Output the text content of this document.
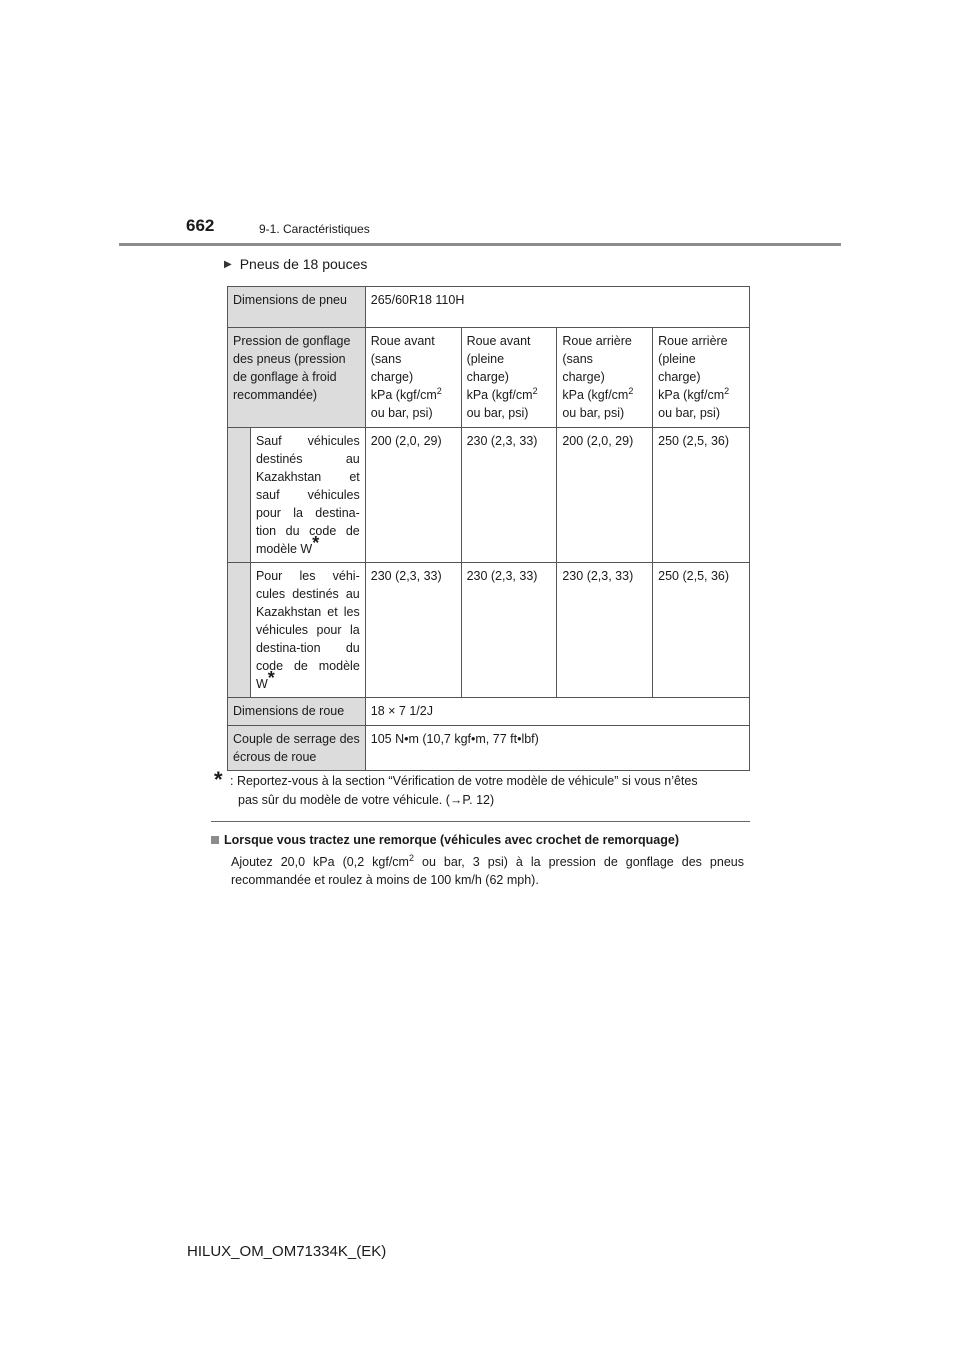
662	9-1. Caractéristiques
▶ Pneus de 18 pouces
Dimensions de pneu		265/60R18 110H			
Pression de gonflage des pneus (pression de gonflage à froid recommandée)		Roue avant
(sans
charge)
kPa ($kgf/cm^2$
ou bar, psi)	Roue avant
(pleine
charge)
kPa ($kgf/cm^2$
ou bar, psi)	Roue arrière
(sans
charge)
kPa ($kgf/cm^2$
ou bar, psi)	Roue arrière
(pleine
charge)
kPa ($kgf/cm^2$
ou bar, psi)
	Sauf véhicules destinés au Kazakhstan et sauf véhicules pour la destina-tion du code de modèle W*	200 (2,0, 29)	230 (2,3, 33)	200 (2,0, 29)	250 (2,5, 36)
	Pour les véhi-cules destinés au Kazakhstan et les véhicules pour la destina-tion du code de modèle W*	230 (2,3, 33)	230 (2,3, 33)	230 (2,3, 33)	250 (2,5, 36)
Dimensions de roue		18 × 7 1/2J			
Couple de serrage des écrous de roue		105 N•m (10,7 kgf•m, 77 ft•lbf)			
* : Reportez-vous à la section “Vérification de votre modèle de véhicule” si vous n’êtes
pas sûr du modèle de votre véhicule. (→P. 12)
Lorsque vous tractez une remorque (véhicules avec crochet de remorquage)
Ajoutez 20,0 kPa (0,2 kgf/$cm^2$ ou bar, 3 psi) à la pression de gonflage des pneus recommandée et roulez à moins de 100 km/h (62 mph).
HILUX_OM_OM71334K_(EK)
